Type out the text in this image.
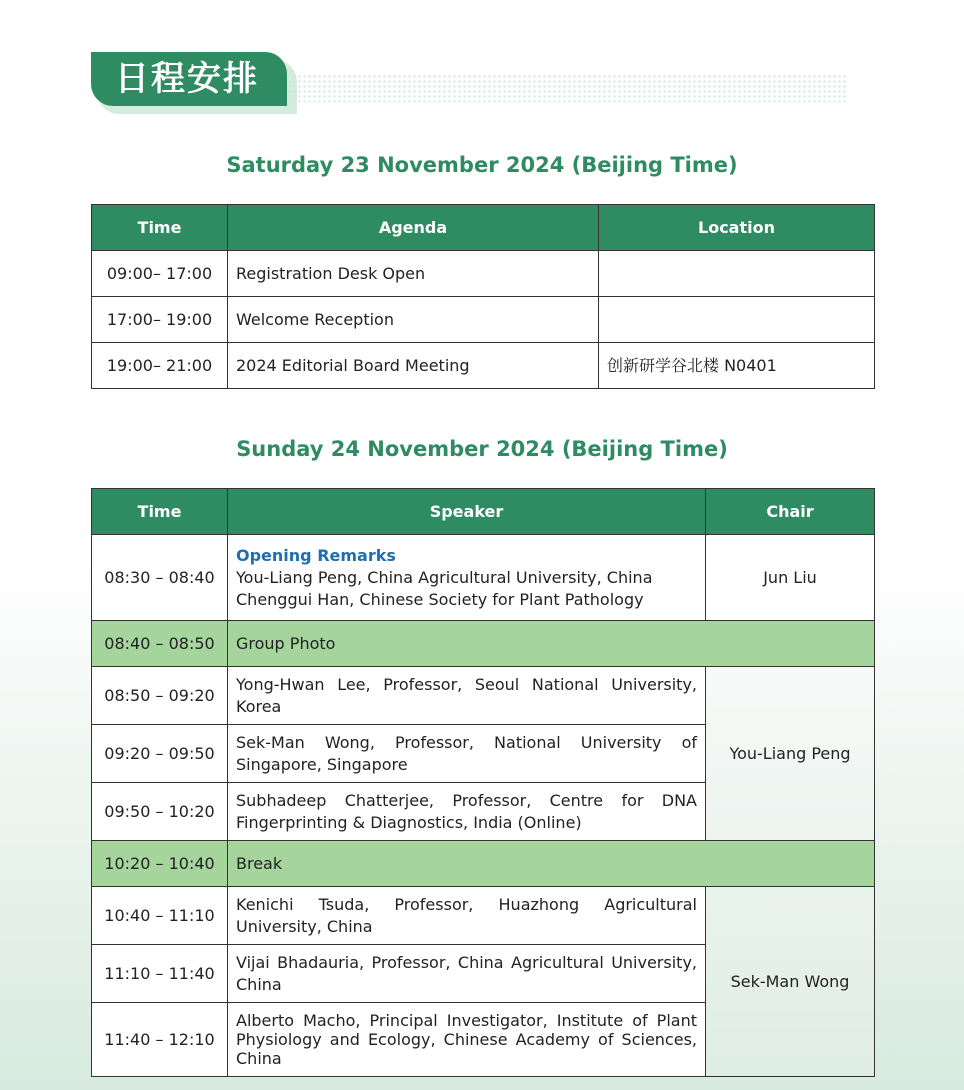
日程安排
Saturday 23 November 2024 (Beijing Time)
Time	Agenda	Location
09:00– 17:00	Registration Desk Open	
17:00– 19:00	Welcome Reception	
19:00– 21:00	2024 Editorial Board Meeting	创新研学谷北楼 N0401
Sunday 24 November 2024 (Beijing Time)
Time	Speaker	Chair
08:30 – 08:40	Opening Remarks
You-Liang Peng, China Agricultural University, China
Chenggui Han, Chinese Society for Plant Pathology	Jun Liu
08:40 – 08:50	Group Photo	
08:50 – 09:20	Yong-Hwan Lee, Professor, Seoul National University, Korea	You-Liang Peng
09:20 – 09:50	Sek-Man Wong, Professor, National University of Singapore, Singapore	
09:50 – 10:20	Subhadeep Chatterjee, Professor, Centre for DNA Fingerprinting & Diagnostics, India (Online)	
10:20 – 10:40	Break	
10:40 – 11:10	Kenichi Tsuda, Professor, Huazhong Agricultural University, China	Sek-Man Wong
11:10 – 11:40	Vijai Bhadauria, Professor, China Agricultural University, China	
11:40 – 12:10	Alberto Macho, Principal Investigator, Institute of Plant Physiology and Ecology, Chinese Academy of Sciences, China	
